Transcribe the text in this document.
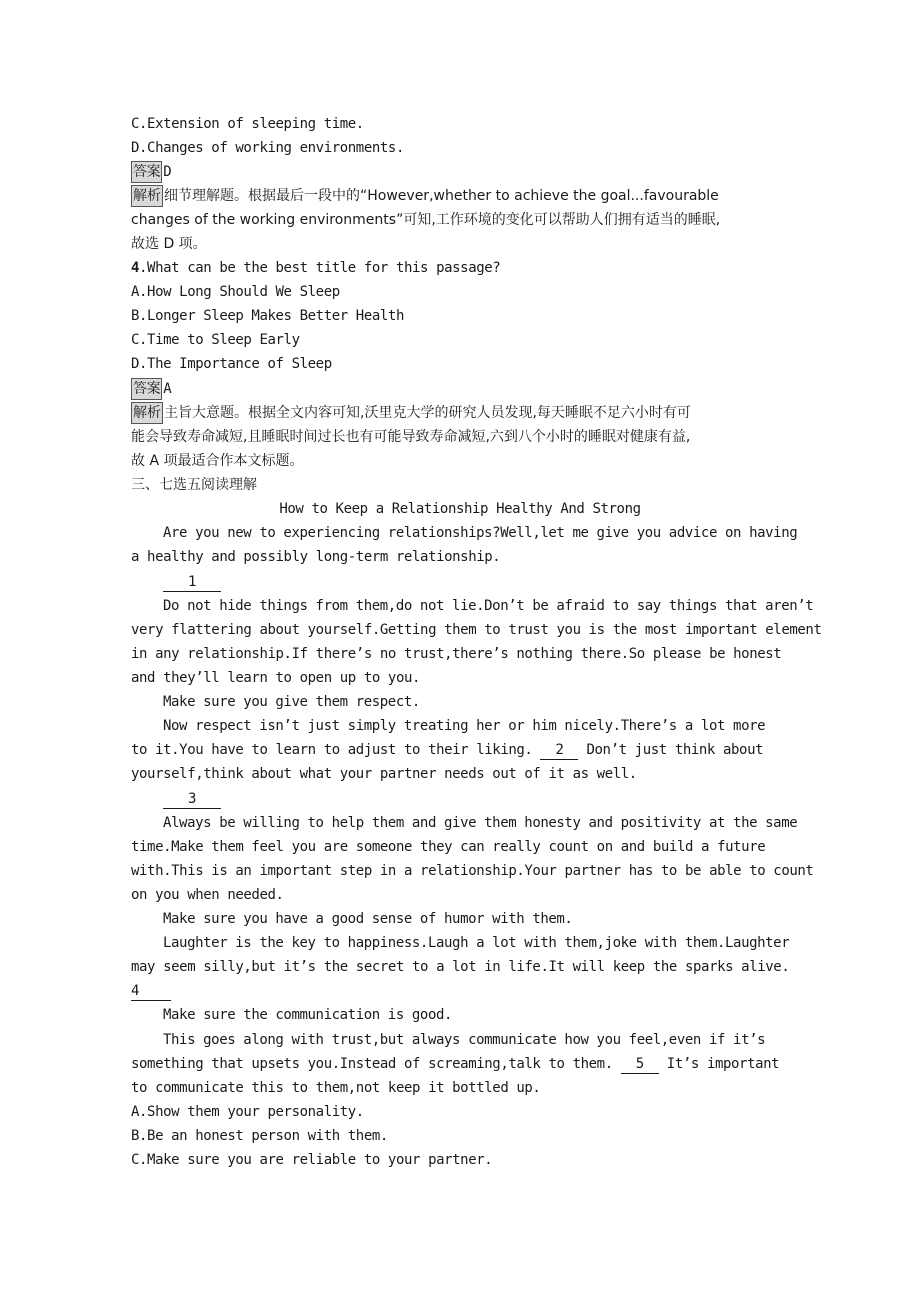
C.Extension of sleeping time.
D.Changes of working environments.
答案 D
解析 细节理解题。根据最后一段中的“However,whether to achieve the goal...favourable
changes of the working environments”可知,工作环境的变化可以帮助人们拥有适当的睡眠,
故选 D 项。
4.What can be the best title for this passage?
A.How Long Should We Sleep
B.Longer Sleep Makes Better Health
C.Time to Sleep Early
D.The Importance of Sleep
答案 A
解析 主旨大意题。根据全文内容可知,沃里克大学的研究人员发现,每天睡眠不足六小时有可
能会导致寿命减短,且睡眠时间过长也有可能导致寿命减短,六到八个小时的睡眠对健康有益,
故 A 项最适合作本文标题。
三、七选五阅读理解
How to Keep a Relationship Healthy And Strong
Are you new to experiencing relationships?Well,let me give you advice on having
a healthy and possibly long-term relationship.
1
Do not hide things from them,do not lie.Don’t be afraid to say things that aren’t
very flattering about yourself.Getting them to trust you is the most important element
in any relationship.If there’s no trust,there’s nothing there.So please be honest
and they’ll learn to open up to you.
Make sure you give them respect.
Now respect isn’t just simply treating her or him nicely.There’s a lot more
to it.You have to learn to adjust to their liking. 2 Don’t just think about
yourself,think about what your partner needs out of it as well.
3
Always be willing to help them and give them honesty and positivity at the same
time.Make them feel you are someone they can really count on and build a future
with.This is an important step in a relationship.Your partner has to be able to count
on you when needed.
Make sure you have a good sense of humor with them.
Laughter is the key to happiness.Laugh a lot with them,joke with them.Laughter
may seem silly,but it’s the secret to a lot in life.It will keep the sparks alive.
4
Make sure the communication is good.
This goes along with trust,but always communicate how you feel,even if it’s
something that upsets you.Instead of screaming,talk to them. 5 It’s important
to communicate this to them,not keep it bottled up.
A.Show them your personality.
B.Be an honest person with them.
C.Make sure you are reliable to your partner.
